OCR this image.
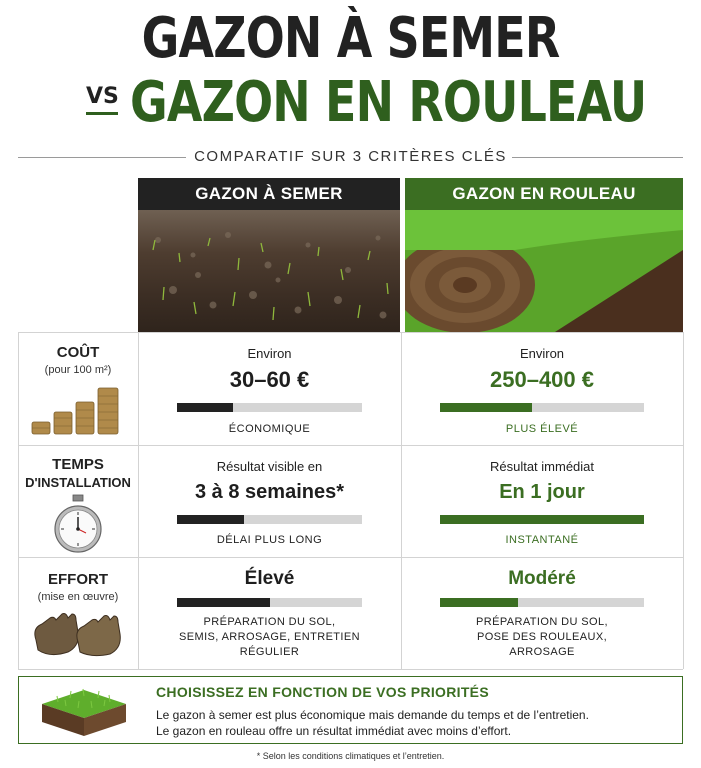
GAZON À SEMER
VS GAZON EN ROULEAU
COMPARATIF SUR 3 CRITÈRES CLÉS
GAZON À SEMER	GAZON EN ROULEAU
COÛT
(pour 100 m²)
Environ
30–60 €
ÉCONOMIQUE
Environ
250–400 €
PLUS ÉLEVÉ
TEMPS
D'INSTALLATION
Résultat visible en
3 à 8 semaines*
DÉLAI PLUS LONG
Résultat immédiat
En 1 jour
INSTANTANÉ
EFFORT
(mise en œuvre)
Élevé
PRÉPARATION DU SOL,
SEMIS, ARROSAGE, ENTRETIEN
RÉGULIER
Modéré
PRÉPARATION DU SOL,
POSE DES ROULEAUX,
ARROSAGE
CHOISISSEZ EN FONCTION DE VOS PRIORITÉS
Le gazon à semer est plus économique mais demande du temps et de l’entretien.
Le gazon en rouleau offre un résultat immédiat avec moins d’effort.
* Selon les conditions climatiques et l’entretien.
